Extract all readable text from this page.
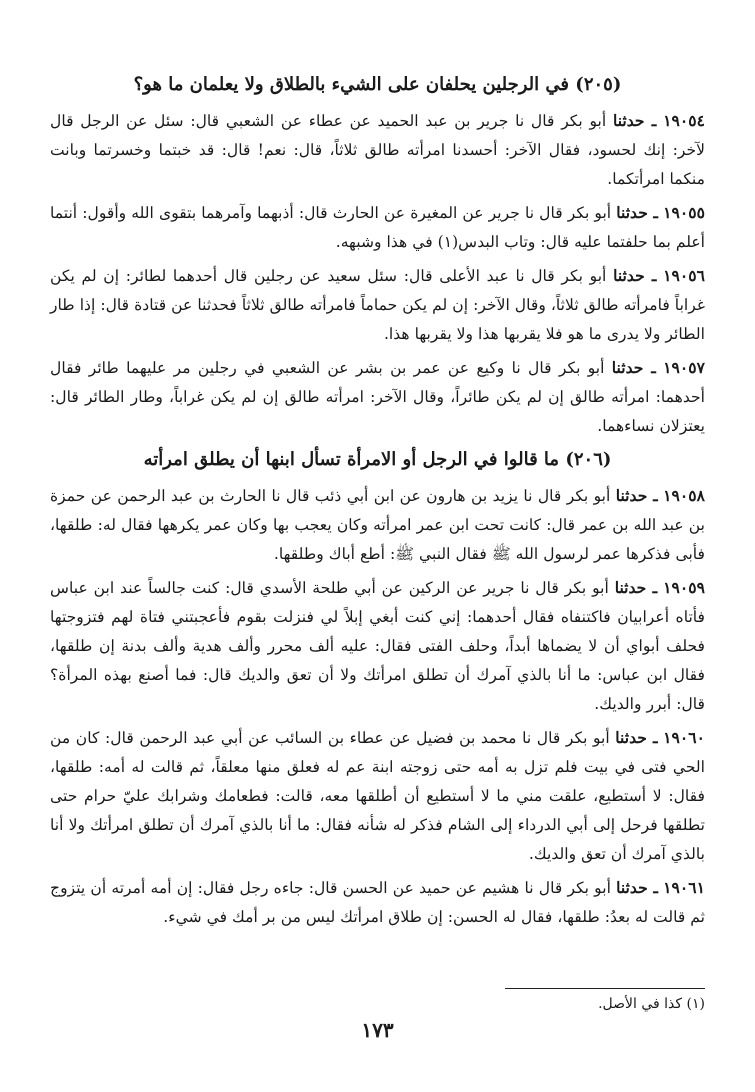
(٢٠٥) في الرجلين يحلفان على الشيء بالطلاق ولا يعلمان ما هو؟

١٩٠٥٤ ـ حدثنا أبو بكر قال نا جرير بن عبد الحميد عن عطاء عن الشعبي قال: سئل عن الرجل قال لآخر: إنك لحسود، فقال الآخر: أحسدنا امرأته طالق ثلاثاً، قال: نعم! قال: قد خبتما وخسرتما وبانت منكما امرأتكما.

١٩٠٥٥ ـ حدثنا أبو بكر قال نا جرير عن المغيرة عن الحارث قال: أذبهما وآمرهما بتقوى الله وأقول: أنتما أعلم بما حلفتما عليه قال: وتاب البدس(١) في هذا وشبهه.

١٩٠٥٦ ـ حدثنا أبو بكر قال نا عبد الأعلى قال: سئل سعيد عن رجلين قال أحدهما لطائر: إن لم يكن غراباً فامرأته طالق ثلاثاً، وقال الآخر: إن لم يكن حماماً فامرأته طالق ثلاثاً فحدثنا عن قتادة قال: إذا طار الطائر ولا يدرى ما هو فلا يقربها هذا ولا يقربها هذا.

١٩٠٥٧ ـ حدثنا أبو بكر قال نا وكيع عن عمر بن بشر عن الشعبي في رجلين مر عليهما طائر فقال أحدهما: امرأته طالق إن لم يكن طائراً، وقال الآخر: امرأته طالق إن لم يكن غراباً، وطار الطائر قال: يعتزلان نساءهما.

(٢٠٦) ما قالوا في الرجل أو الامرأة تسأل ابنها أن يطلق امرأته

١٩٠٥٨ ـ حدثنا أبو بكر قال نا يزيد بن هارون عن ابن أبي ذئب قال نا الحارث بن عبد الرحمن عن حمزة بن عبد الله بن عمر قال: كانت تحت ابن عمر امرأته وكان يعجب بها وكان عمر يكرهها فقال له: طلقها، فأبى فذكرها عمر لرسول الله ﷺ فقال النبي ﷺ: أطع أباك وطلقها.

١٩٠٥٩ ـ حدثنا أبو بكر قال نا جرير عن الركين عن أبي طلحة الأسدي قال: كنت جالساً عند ابن عباس فأتاه أعرابيان فاكتنفاه فقال أحدهما: إني كنت أبغي إبلاً لي فنزلت بقوم فأعجبتني فتاة لهم فتزوجتها فحلف أبواي أن لا يضماها أبداً، وحلف الفتى فقال: عليه ألف محرر وألف هدية وألف بدنة إن طلقها، فقال ابن عباس: ما أنا بالذي آمرك أن تطلق امرأتك ولا أن تعق والديك قال: فما أصنع بهذه المرأة؟ قال: أبرر والديك.

١٩٠٦٠ ـ حدثنا أبو بكر قال نا محمد بن فضيل عن عطاء بن السائب عن أبي عبد الرحمن قال: كان من الحي فتى في بيت فلم تزل به أمه حتى زوجته ابنة عم له فعلق منها معلقاً، ثم قالت له أمه: طلقها، فقال: لا أستطيع، علقت مني ما لا أستطيع أن أطلقها معه، قالت: فطعامك وشرابك عليّ حرام حتى تطلقها فرحل إلى أبي الدرداء إلى الشام فذكر له شأنه فقال: ما أنا بالذي آمرك أن تطلق امرأتك ولا أنا بالذي آمرك أن تعق والديك.

١٩٠٦١ ـ حدثنا أبو بكر قال نا هشيم عن حميد عن الحسن قال: جاءه رجل فقال: إن أمه أمرته أن يتزوج ثم قالت له بعدُ: طلقها، فقال له الحسن: إن طلاق امرأتك ليس من بر أمك في شيء.

(١) كذا في الأصل.
١٧٣
